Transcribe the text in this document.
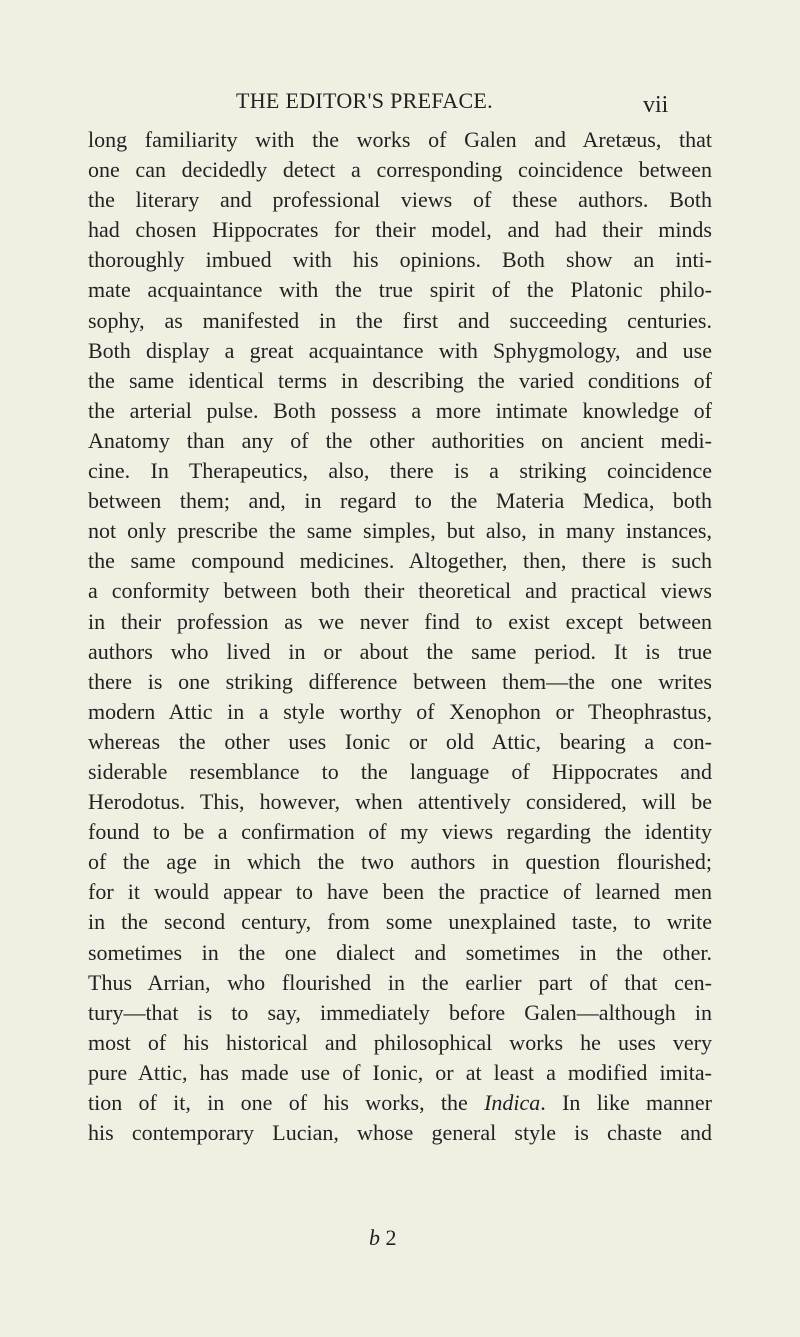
THE EDITOR'S PREFACE.	vii
long familiarity with the works of Galen and Aretæus, that
one can decidedly detect a corresponding coincidence between
the literary and professional views of these authors. Both
had chosen Hippocrates for their model, and had their minds
thoroughly imbued with his opinions. Both show an inti-
mate acquaintance with the true spirit of the Platonic philo-
sophy, as manifested in the first and succeeding centuries.
Both display a great acquaintance with Sphygmology, and use
the same identical terms in describing the varied conditions of
the arterial pulse. Both possess a more intimate knowledge of
Anatomy than any of the other authorities on ancient medi-
cine. In Therapeutics, also, there is a striking coincidence
between them; and, in regard to the Materia Medica, both
not only prescribe the same simples, but also, in many instances,
the same compound medicines. Altogether, then, there is such
a conformity between both their theoretical and practical views
in their profession as we never find to exist except between
authors who lived in or about the same period. It is true
there is one striking difference between them—the one writes
modern Attic in a style worthy of Xenophon or Theophrastus,
whereas the other uses Ionic or old Attic, bearing a con-
siderable resemblance to the language of Hippocrates and
Herodotus. This, however, when attentively considered, will be
found to be a confirmation of my views regarding the identity
of the age in which the two authors in question flourished;
for it would appear to have been the practice of learned men
in the second century, from some unexplained taste, to write
sometimes in the one dialect and sometimes in the other.
Thus Arrian, who flourished in the earlier part of that cen-
tury—that is to say, immediately before Galen—although in
most of his historical and philosophical works he uses very
pure Attic, has made use of Ionic, or at least a modified imita-
tion of it, in one of his works, the Indica. In like manner
his contemporary Lucian, whose general style is chaste and
b 2
